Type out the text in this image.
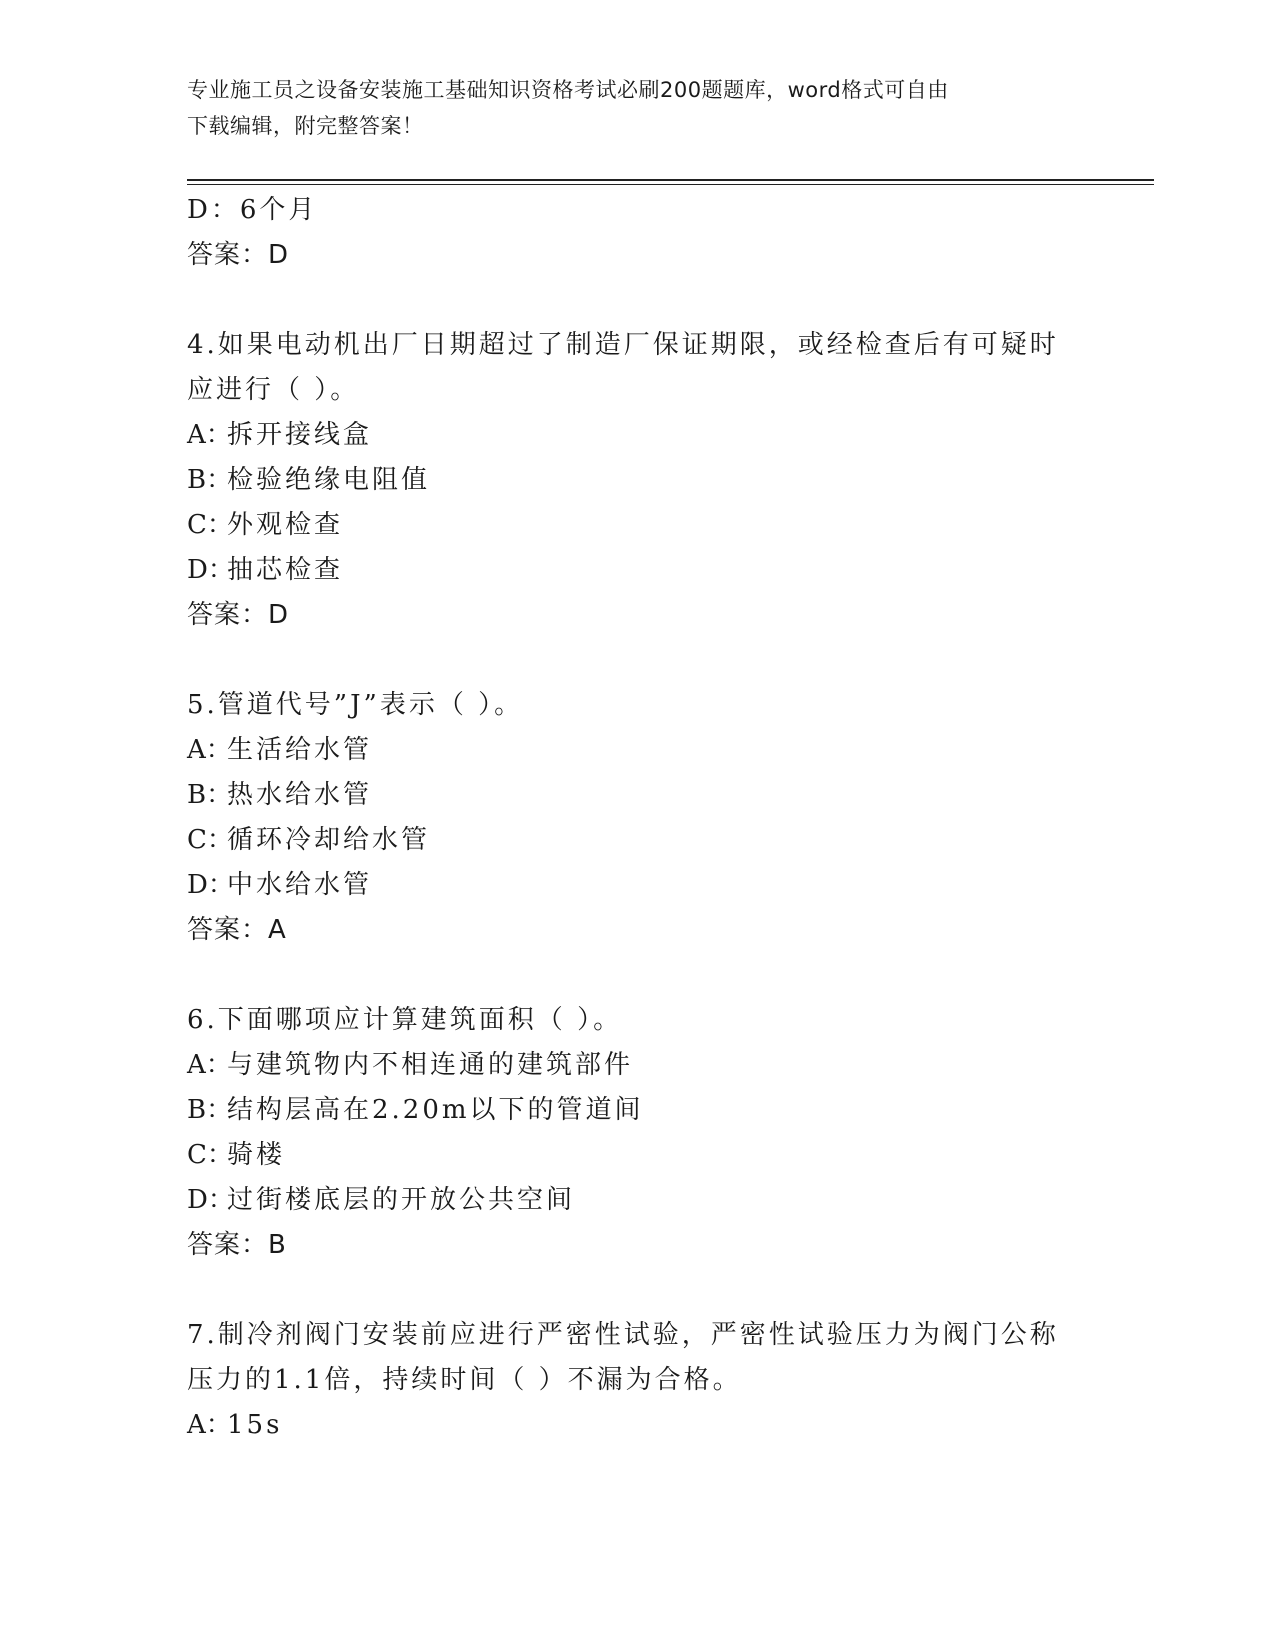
专业施工员之设备安装施工基础知识资格考试必刷200题题库，word格式可自由
下载编辑，附完整答案！
D：6个月
答案：D
4.如果电动机出厂日期超过了制造厂保证期限，或经检查后有可疑时
应进行（ ）。
A：拆开接线盒
B：检验绝缘电阻值
C：外观检查
D：抽芯检查
答案：D
5.管道代号”J”表示（ ）。
A：生活给水管
B：热水给水管
C：循环冷却给水管
D：中水给水管
答案：A
6.下面哪项应计算建筑面积（ ）。
A：与建筑物内不相连通的建筑部件
B：结构层高在2.20m以下的管道间
C：骑楼
D：过街楼底层的开放公共空间
答案：B
7.制冷剂阀门安装前应进行严密性试验，严密性试验压力为阀门公称
压力的1.1倍，持续时间（ ）不漏为合格。
A：15s
